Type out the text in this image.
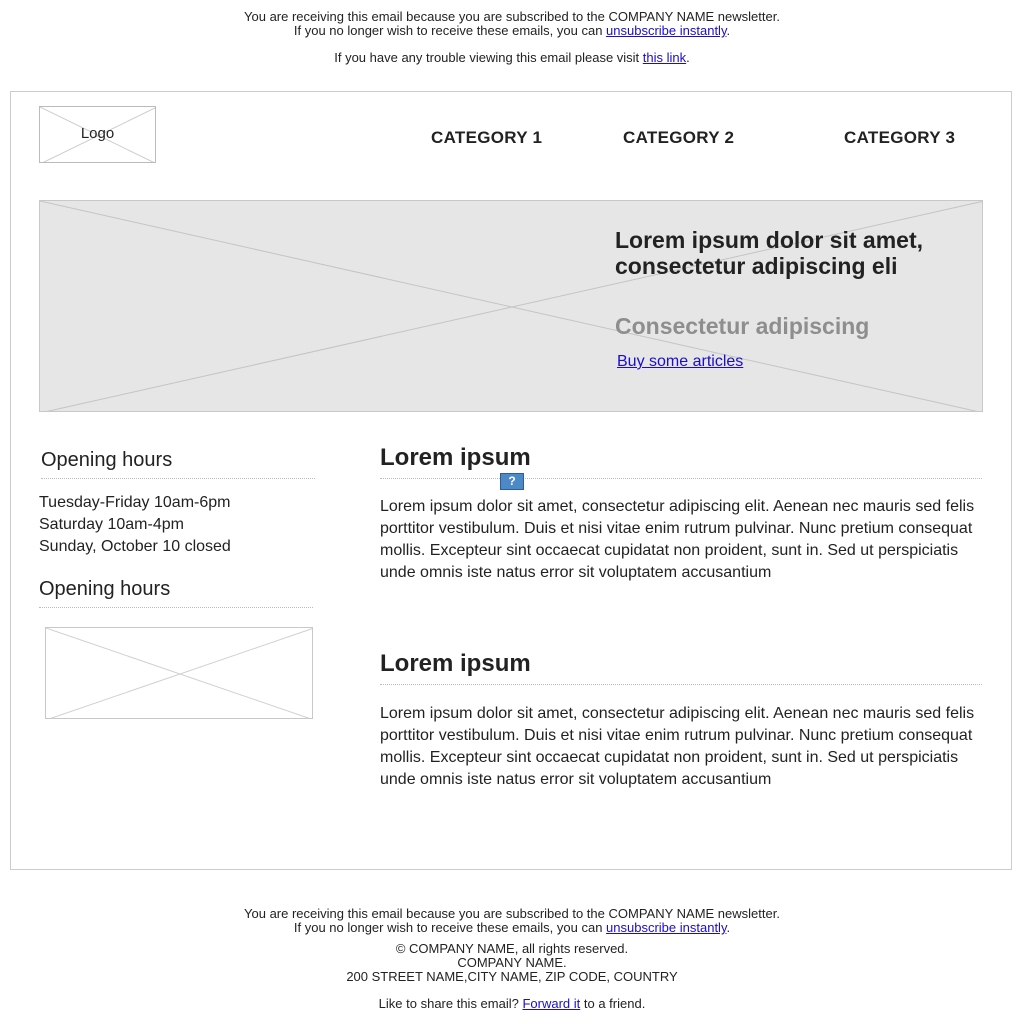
You are receiving this email because you are subscribed to the COMPANY NAME newsletter.
If you no longer wish to receive these emails, you can unsubscribe instantly.
If you have any trouble viewing this email please visit this link.
Logo	CATEGORY 1	CATEGORY 2	CATEGORY 3
Lorem ipsum dolor sit amet, consectetur adipiscing eli
Consectetur adipiscing
Buy some articles
Opening hours
Tuesday-Friday 10am-6pm
Saturday 10am-4pm
Sunday, October 10 closed
Opening hours
Lorem ipsum
?
Lorem ipsum dolor sit amet, consectetur adipiscing elit. Aenean nec mauris sed felis porttitor vestibulum. Duis et nisi vitae enim rutrum pulvinar. Nunc pretium consequat mollis. Excepteur sint occaecat cupidatat non proident, sunt in. Sed ut perspiciatis unde omnis iste natus error sit voluptatem accusantium
Lorem ipsum
Lorem ipsum dolor sit amet, consectetur adipiscing elit. Aenean nec mauris sed felis porttitor vestibulum. Duis et nisi vitae enim rutrum pulvinar. Nunc pretium consequat mollis. Excepteur sint occaecat cupidatat non proident, sunt in. Sed ut perspiciatis unde omnis iste natus error sit voluptatem accusantium
You are receiving this email because you are subscribed to the COMPANY NAME newsletter.
If you no longer wish to receive these emails, you can unsubscribe instantly.
© COMPANY NAME, all rights reserved.
COMPANY NAME.
200 STREET NAME,CITY NAME, ZIP CODE, COUNTRY
Like to share this email? Forward it to a friend.
